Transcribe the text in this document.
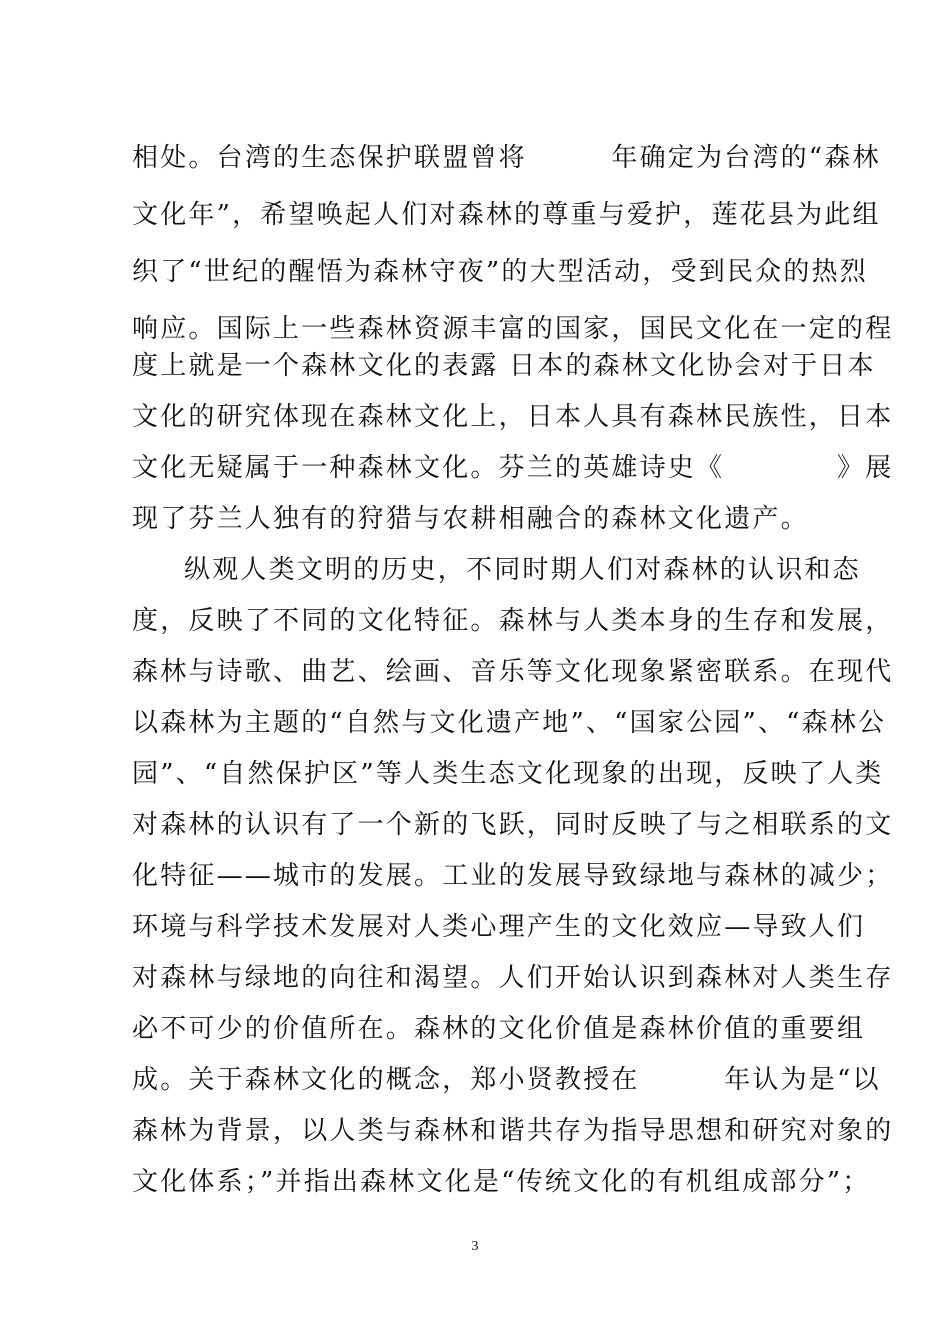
相处。台湾的生态保护联盟曾将　　　年确定为台湾的“森林
文化年”，希望唤起人们对森林的尊重与爱护，莲花县为此组
织了“世纪的醒悟为森林守夜”的大型活动，受到民众的热烈
响应。国际上一些森林资源丰富的国家，国民文化在一定的程
度上就是一个森林文化的表露 日本的森林文化协会对于日本
文化的研究体现在森林文化上，日本人具有森林民族性，日本
文化无疑属于一种森林文化。芬兰的英雄诗史《　　　　》展
现了芬兰人独有的狩猎与农耕相融合的森林文化遗产。
纵观人类文明的历史，不同时期人们对森林的认识和态
度，反映了不同的文化特征。森林与人类本身的生存和发展，
森林与诗歌、曲艺、绘画、音乐等文化现象紧密联系。在现代
以森林为主题的“自然与文化遗产地”、“国家公园”、“森林公
园”、“自然保护区”等人类生态文化现象的出现，反映了人类
对森林的认识有了一个新的飞跃，同时反映了与之相联系的文
化特征——城市的发展。工业的发展导致绿地与森林的减少；
环境与科学技术发展对人类心理产生的文化效应—导致人们
对森林与绿地的向往和渴望。人们开始认识到森林对人类生存
必不可少的价值所在。森林的文化价值是森林价值的重要组
成。关于森林文化的概念，郑小贤教授在　　　年认为是“以
森林为背景，以人类与森林和谐共存为指导思想和研究对象的
文化体系；”并指出森林文化是“传统文化的有机组成部分”；
3
